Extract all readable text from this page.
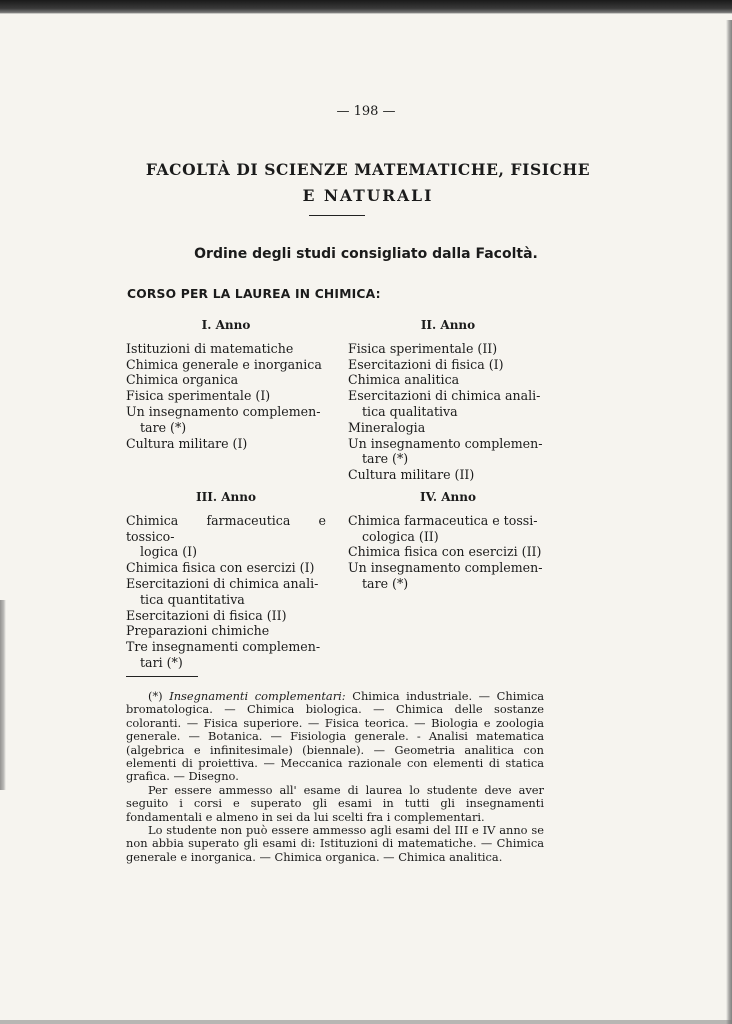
— 198 —
FACOLTÀ DI SCIENZE MATEMATICHE, FISICHE
E NATURALI
Ordine degli studi consigliato dalla Facoltà.
CORSO PER LA LAUREA IN CHIMICA:
I. Anno
Istituzioni di matematiche
Chimica generale e inorganica
Chimica organica
Fisica sperimentale (I)
Un insegnamento complemen-
tare (*)
Cultura militare (I)
II. Anno
Fisica sperimentale (II)
Esercitazioni di fisica (I)
Chimica analitica
Esercitazioni di chimica anali-
tica qualitativa
Mineralogia
Un insegnamento complemen-
tare (*)
Cultura militare (II)
III. Anno
Chimica farmaceutica e tossico-
logica (I)
Chimica fisica con esercizi (I)
Esercitazioni di chimica anali-
tica quantitativa
Esercitazioni di fisica (II)
Preparazioni chimiche
Tre insegnamenti complemen-
tari (*)
IV. Anno
Chimica farmaceutica e tossi-
cologica (II)
Chimica fisica con esercizi (II)
Un insegnamento complemen-
tare (*)

(*) Insegnamenti complementari: Chimica industriale. — Chimica bromatologica. — Chimica biologica. — Chimica delle sostanze coloranti. — Fisica superiore. — Fisica teorica. — Biologia e zoologia generale. — Botanica. — Fisiologia generale. - Analisi matematica (algebrica e infinitesimale) (biennale). — Geometria analitica con elementi di proiettiva. — Meccanica razionale con elementi di statica grafica. — Disegno.

Per essere ammesso all' esame di laurea lo studente deve aver seguito i corsi e superato gli esami in tutti gli insegnamenti fondamentali e almeno in sei da lui scelti fra i complementari.

Lo studente non può essere ammesso agli esami del III e IV anno se non abbia superato gli esami di: Istituzioni di matematiche. — Chimica generale e inorganica. — Chimica organica. — Chimica analitica.
